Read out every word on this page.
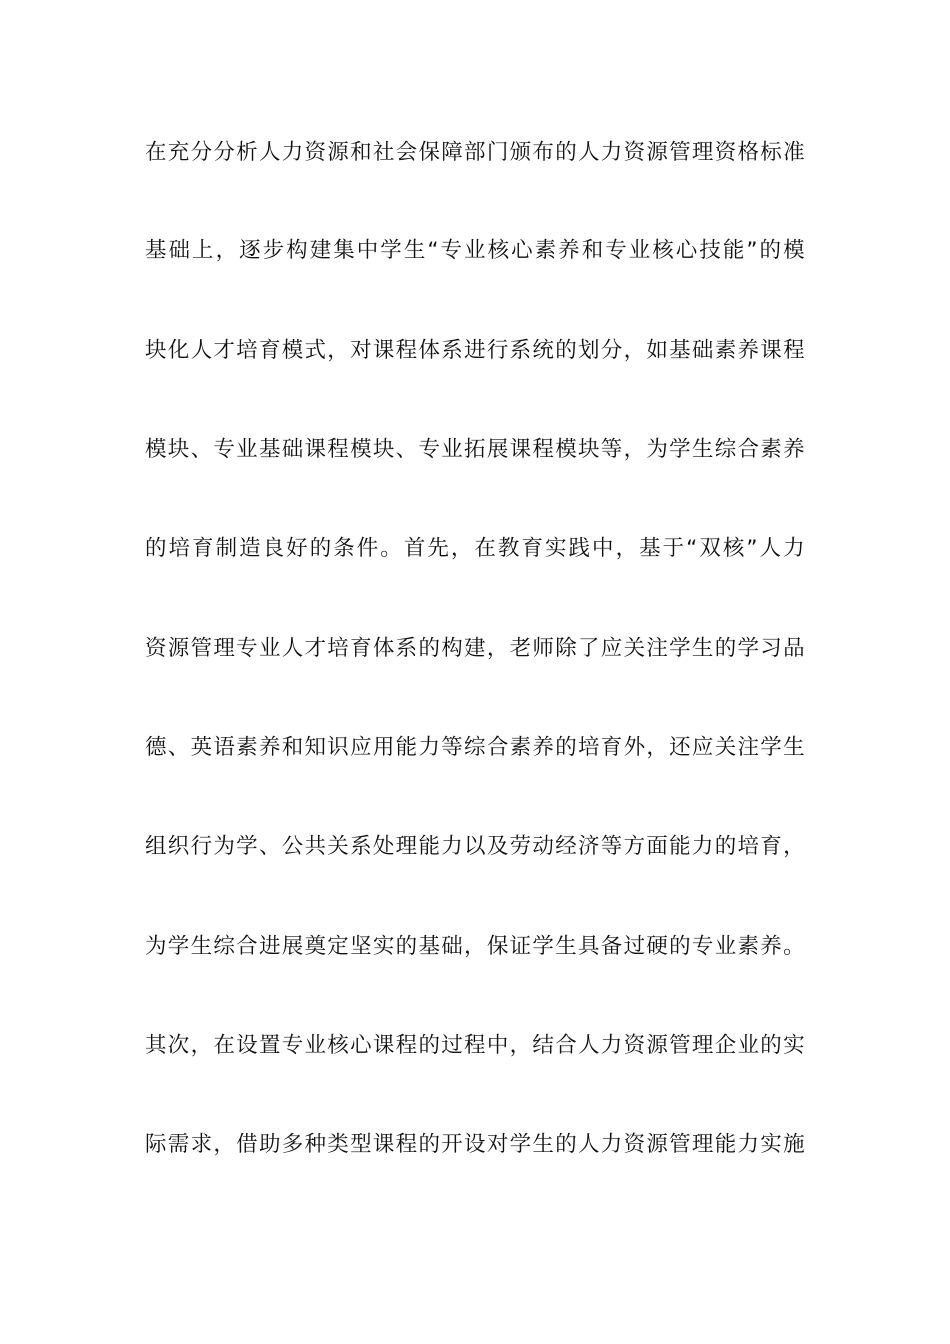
在充分分析人力资源和社会保障部门颁布的人力资源管理资格标准
基础上，逐步构建集中学生“专业核心素养和专业核心技能”的模
块化人才培育模式，对课程体系进行系统的划分，如基础素养课程
模块、专业基础课程模块、专业拓展课程模块等，为学生综合素养
的培育制造良好的条件。首先，在教育实践中，基于“双核”人力
资源管理专业人才培育体系的构建，老师除了应关注学生的学习品
德、英语素养和知识应用能力等综合素养的培育外，还应关注学生
组织行为学、公共关系处理能力以及劳动经济等方面能力的培育，
为学生综合进展奠定坚实的基础，保证学生具备过硬的专业素养。
其次，在设置专业核心课程的过程中，结合人力资源管理企业的实
际需求，借助多种类型课程的开设对学生的人力资源管理能力实施
